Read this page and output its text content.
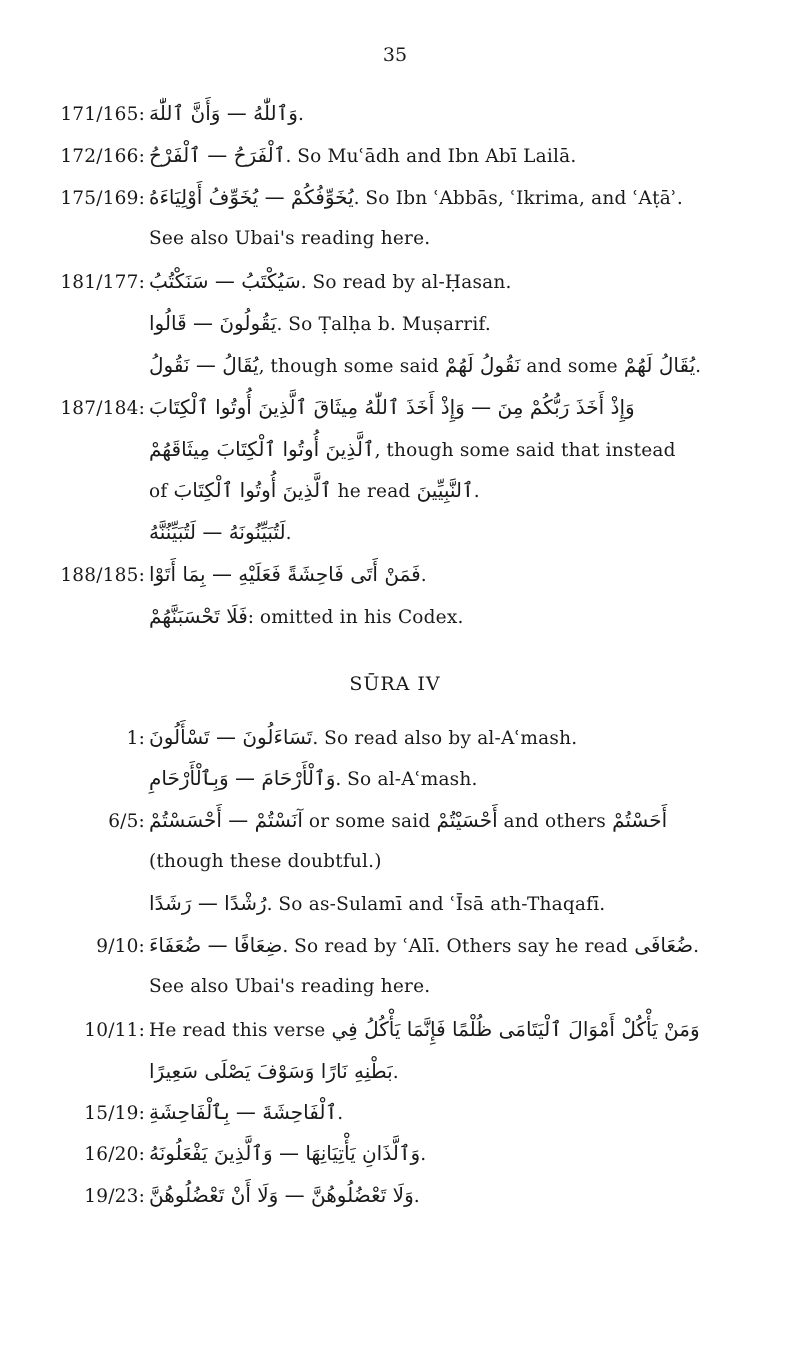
35
171/165: وَٱللّٰهُ — وَأَنَّ ٱللّٰهَ.
172/166: ٱلْفَرَحُ — ٱلْفَرْحُ. So Muʿādh and Ibn Abī Lailā.
175/169: يُخَوِّفُكُمْ — يُخَوِّفُ أَوْلِيَاءَهُ. So Ibn ʿAbbās, ʿIkrima, and ʿAṭāʾ.
See also Ubai's reading here.
181/177: سَيُكْتَبُ — سَنَكْتُبُ. So read by al-Ḥasan.
يَقُولُونَ — قَالُوا. So Ṭalḥa b. Muṣarrif.
يُقَالُ — نَقُولُ, though some said نَقُولُ لَهُمْ and some يُقَالُ لَهُمْ.
187/184: وَإِذْ أَخَذَ رَبُّكُمْ مِنَ — وَإِذْ أَخَذَ ٱللّٰهُ مِيثَاقَ ٱلَّذِينَ أُوتُوا ٱلْكِتَابَ
ٱلَّذِينَ أُوتُوا ٱلْكِتَابَ مِيثَاقَهُمْ, though some said that instead
of ٱلَّذِينَ أُوتُوا ٱلْكِتَابَ he read ٱلنَّبِيِّينَ.
لَتُبَيِّنُونَهُ — لَتُبَيِّنُنَّهُ.
188/185: فَمَنْ أَتَى فَاحِشَةً فَعَلَيْهِ — بِمَا أَتَوْا.
فَلَا تَحْسَبَنَّهُمْ: omitted in his Codex.
SŪRA IV
1: تَسَاءَلُونَ — تَسْأَلُونَ. So read also by al-Aʿmash.
وَٱلْأَرْحَامَ — وَبِٱلْأَرْحَامِ. So al-Aʿmash.
6/5: آنَسْتُمْ — أَحْسَسْتُمْ or some said أَحْسَيْتُمْ and others أَحَسْتُمْ
(though these doubtful.)
رُشْدًا — رَشَدًا. So as-Sulamī and ʿĪsā ath-Thaqafī.
9/10: ضِعَافًا — ضُعَفَاءَ. So read by ʿAlī. Others say he read ضُعَافَى.
See also Ubai's reading here.
10/11: He read this verse وَمَنْ يَأْكُلْ أَمْوَالَ ٱلْيَتَامَى ظُلْمًا فَإِنَّمَا يَأْكُلُ فِي
بَطْنِهِ نَارًا وَسَوْفَ يَصْلَى سَعِيرًا.
15/19: ٱلْفَاحِشَةَ — بِٱلْفَاحِشَةِ.
16/20: وَٱلَّذَانِ يَأْتِيَانِهَا — وَٱلَّذِينَ يَفْعَلُونَهُ.
19/23: وَلَا تَعْضُلُوهُنَّ — وَلَا أَنْ تَعْضُلُوهُنَّ.
